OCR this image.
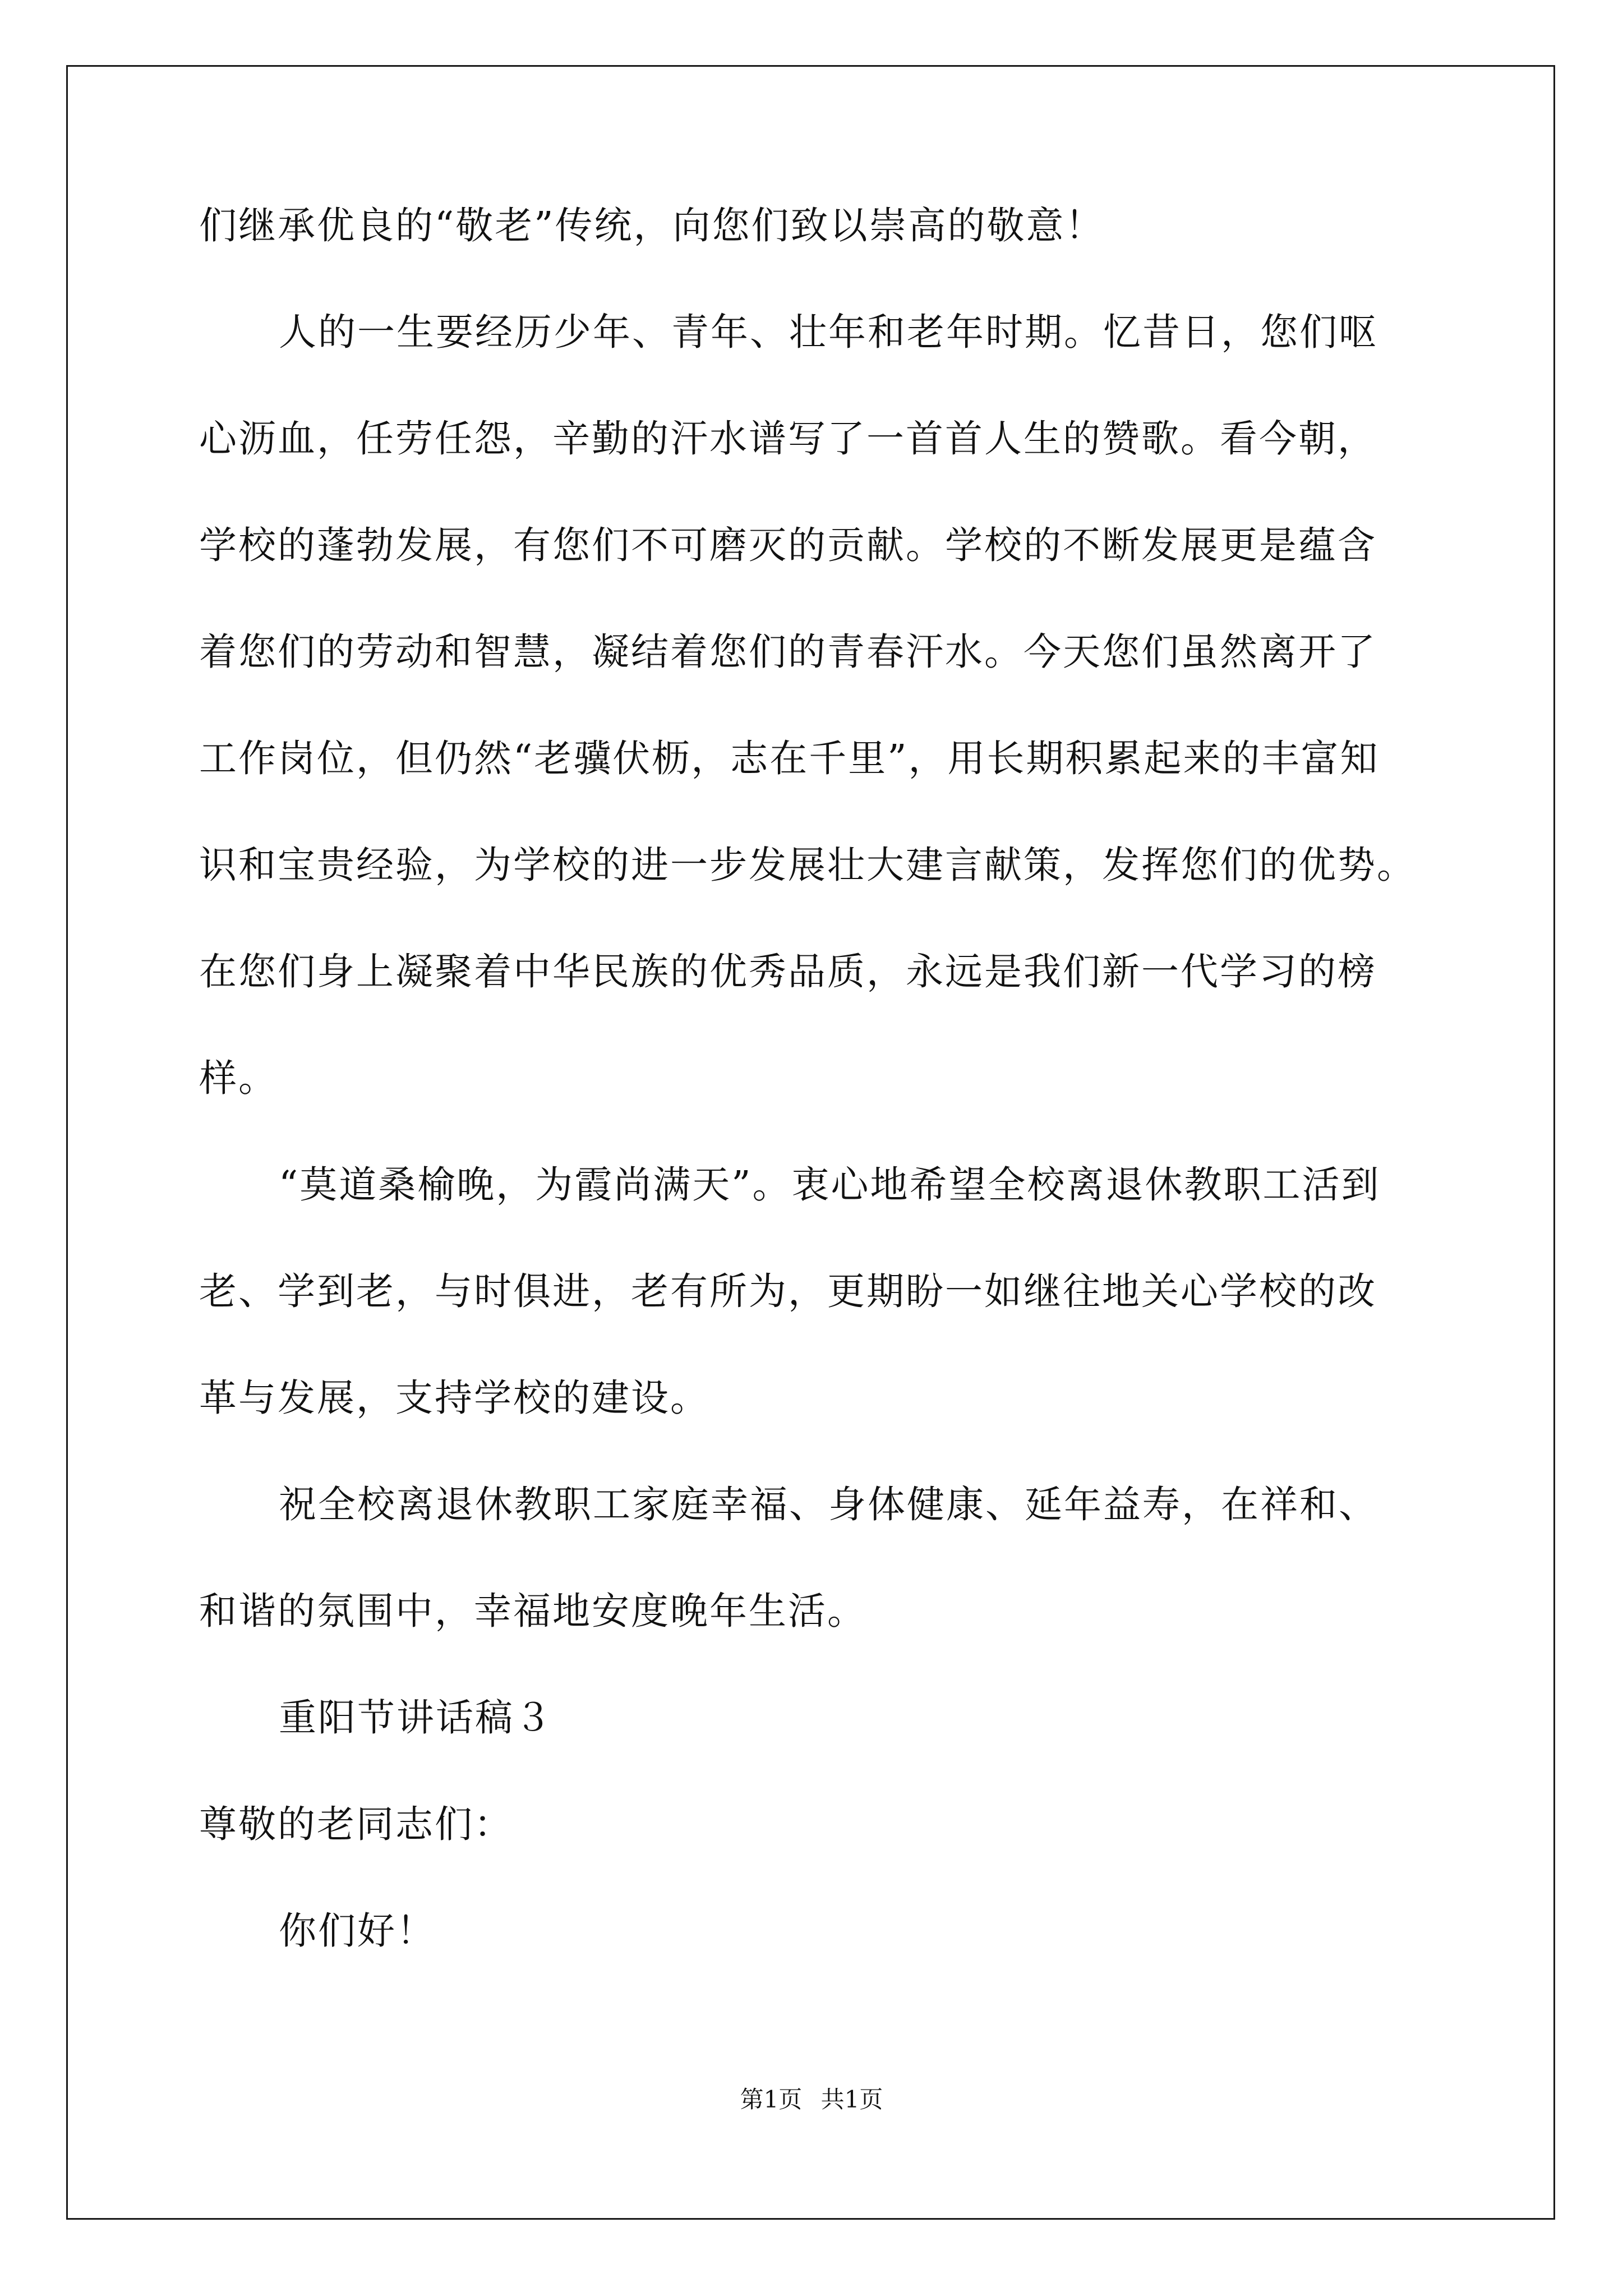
们继承优良的“敬老”传统，向您们致以崇高的敬意！
人的一生要经历少年、青年、壮年和老年时期。忆昔日，您们呕
心沥血，任劳任怨，辛勤的汗水谱写了一首首人生的赞歌。看今朝，
学校的蓬勃发展，有您们不可磨灭的贡献。学校的不断发展更是蕴含
着您们的劳动和智慧，凝结着您们的青春汗水。今天您们虽然离开了
工作岗位，但仍然“老骥伏枥，志在千里”，用长期积累起来的丰富知
识和宝贵经验，为学校的进一步发展壮大建言献策，发挥您们的优势。
在您们身上凝聚着中华民族的优秀品质，永远是我们新一代学习的榜
样。
“莫道桑榆晚，为霞尚满天”。衷心地希望全校离退休教职工活到
老、学到老，与时俱进，老有所为，更期盼一如继往地关心学校的改
革与发展，支持学校的建设。
祝全校离退休教职工家庭幸福、身体健康、延年益寿，在祥和、
和谐的氛围中，幸福地安度晚年生活。
重阳节讲话稿３
尊敬的老同志们：
你们好！
第1页 共1页
